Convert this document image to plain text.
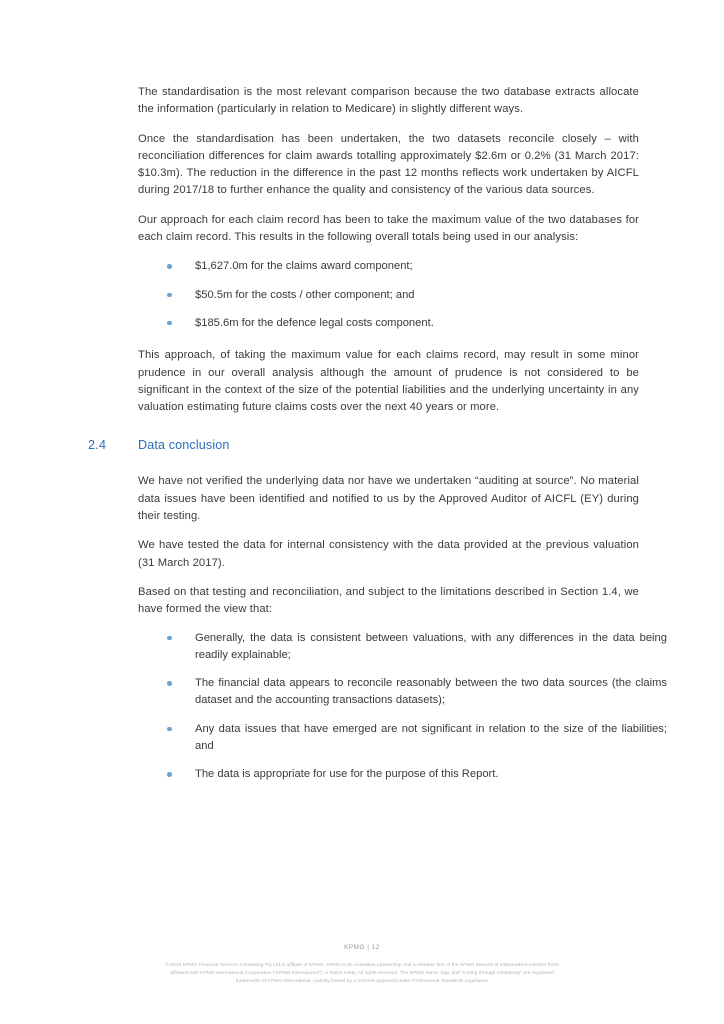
The standardisation is the most relevant comparison because the two database extracts allocate the information (particularly in relation to Medicare) in slightly different ways.

Once the standardisation has been undertaken, the two datasets reconcile closely – with reconciliation differences for claim awards totalling approximately $2.6m or 0.2% (31 March 2017: $10.3m). The reduction in the difference in the past 12 months reflects work undertaken by AICFL during 2017/18 to further enhance the quality and consistency of the various data sources.

Our approach for each claim record has been to take the maximum value of the two databases for each claim record. This results in the following overall totals being used in our analysis:

$1,627.0m for the claims award component;
$50.5m for the costs / other component; and
$185.6m for the defence legal costs component.

This approach, of taking the maximum value for each claims record, may result in some minor prudence in our overall analysis although the amount of prudence is not considered to be significant in the context of the size of the potential liabilities and the underlying uncertainty in any valuation estimating future claims costs over the next 40 years or more.

2.4	Data conclusion

We have not verified the underlying data nor have we undertaken “auditing at source”. No material data issues have been identified and notified to us by the Approved Auditor of AICFL (EY) during their testing.

We have tested the data for internal consistency with the data provided at the previous valuation (31 March 2017).

Based on that testing and reconciliation, and subject to the limitations described in Section 1.4, we have formed the view that:

Generally, the data is consistent between valuations, with any differences in the data being readily explainable;
The financial data appears to reconcile reasonably between the two data sources (the claims dataset and the accounting transactions datasets);
Any data issues that have emerged are not significant in relation to the size of the liabilities; and
The data is appropriate for use for the purpose of this Report.
KPMG | 12
© 2018 KPMG Financial Services Consulting Pty Ltd is affiliate of KPMG. KPMG is an Australian partnership and a member firm of the KPMG network of independent member firms
affiliated with KPMG International Cooperative (“KPMG International”), a Swiss entity. All rights reserved. The KPMG name, logo and “cutting through complexity” are registered
trademarks of KPMG International. Liability limited by a scheme approved under Professional Standards Legislation
